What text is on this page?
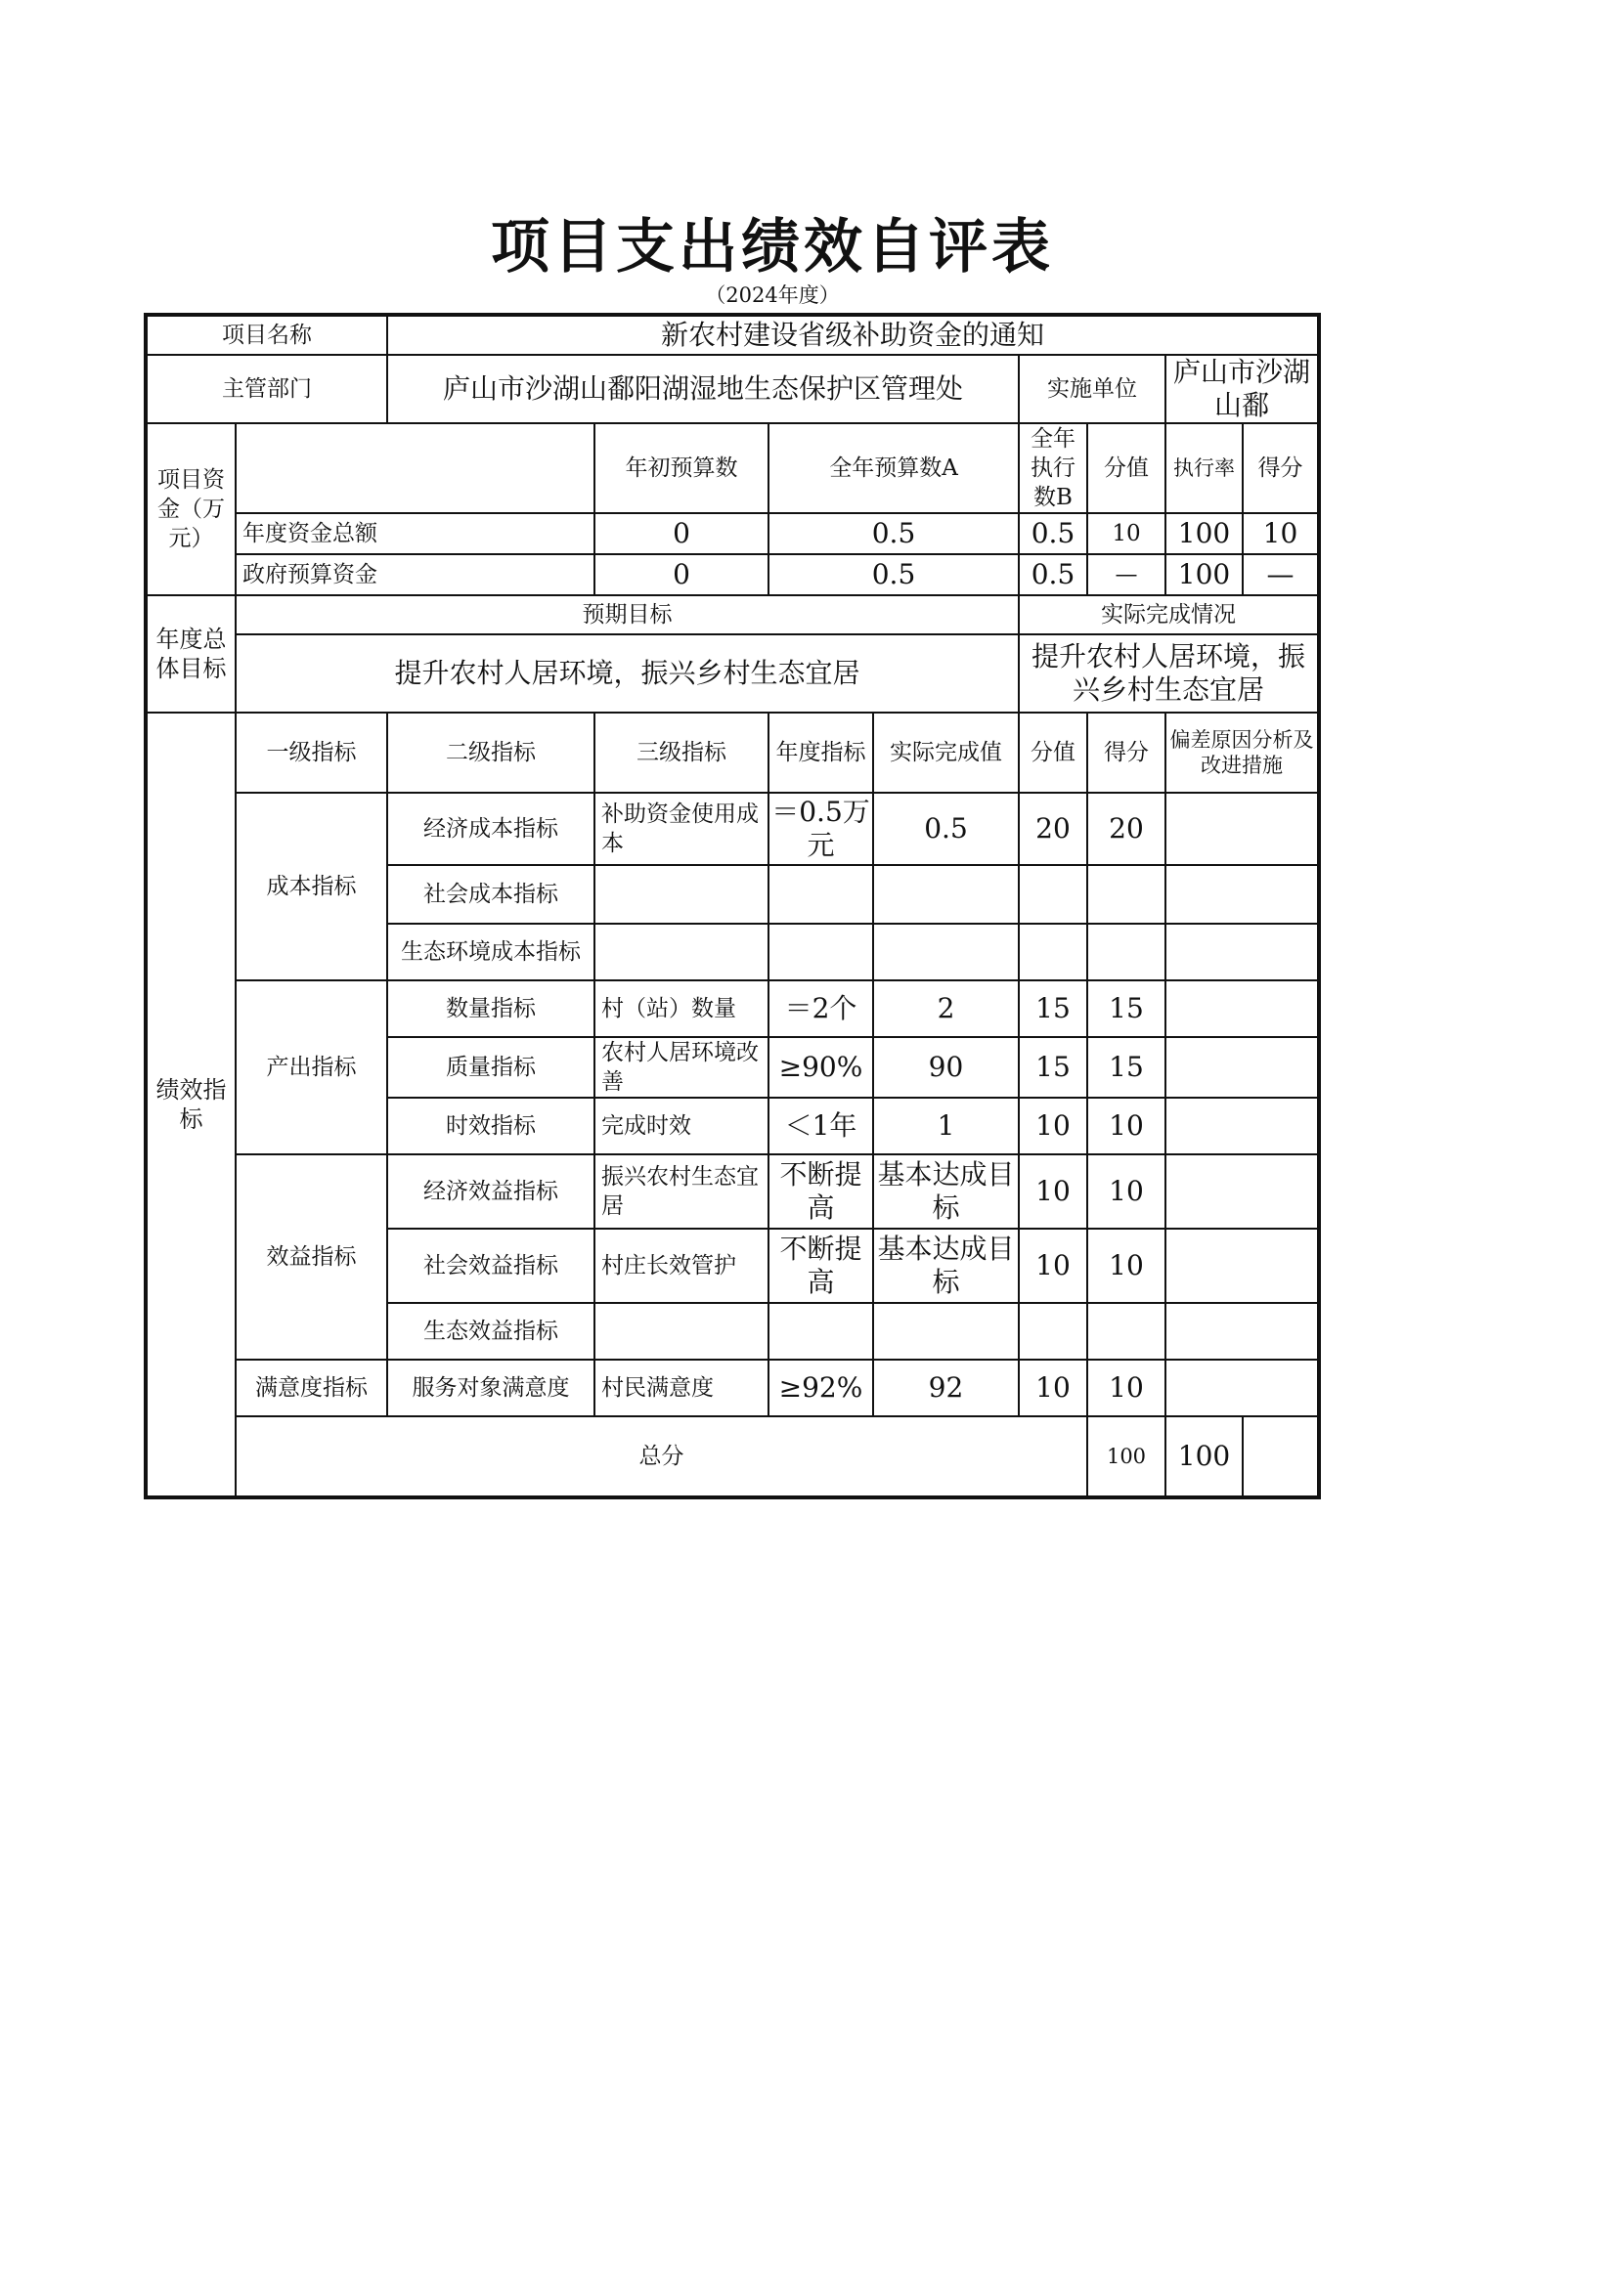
项目支出绩效自评表
（2024年度）
项目名称		新农村建设省级补助资金的通知							
主管部门		庐山市沙湖山鄱阳湖湿地生态保护区管理处				实施单位		庐山市沙湖山鄱	
项目资金（万元）			年初预算数	全年预算数A		全年执行数B	分值	执行率	得分
	年度资金总额		0	0.5		0.5	10	100	10
	政府预算资金		0	0.5		0.5	—	100	—
年度总体目标	预期目标					实际完成情况			
	提升农村人居环境，振兴乡村生态宜居					提升农村人居环境，振兴乡村生态宜居			
绩效指标	一级指标	二级指标	三级指标	年度指标	实际完成值	分值	得分	偏差原因分析及改进措施	
	成本指标	经济成本指标	补助资金使用成本	＝0.5万元	0.5	20	20		
		社会成本指标							
		生态环境成本指标							
	产出指标	数量指标	村（站）数量	＝2个	2	15	15		
		质量指标	农村人居环境改善	≥90%	90	15	15		
		时效指标	完成时效	＜1年	1	10	10		
	效益指标	经济效益指标	振兴农村生态宜居	不断提高	基本达成目标	10	10		
		社会效益指标	村庄长效管护	不断提高	基本达成目标	10	10		
		生态效益指标							
	满意度指标	服务对象满意度	村民满意度	≥92%	92	10	10		
	总分						100	100	
